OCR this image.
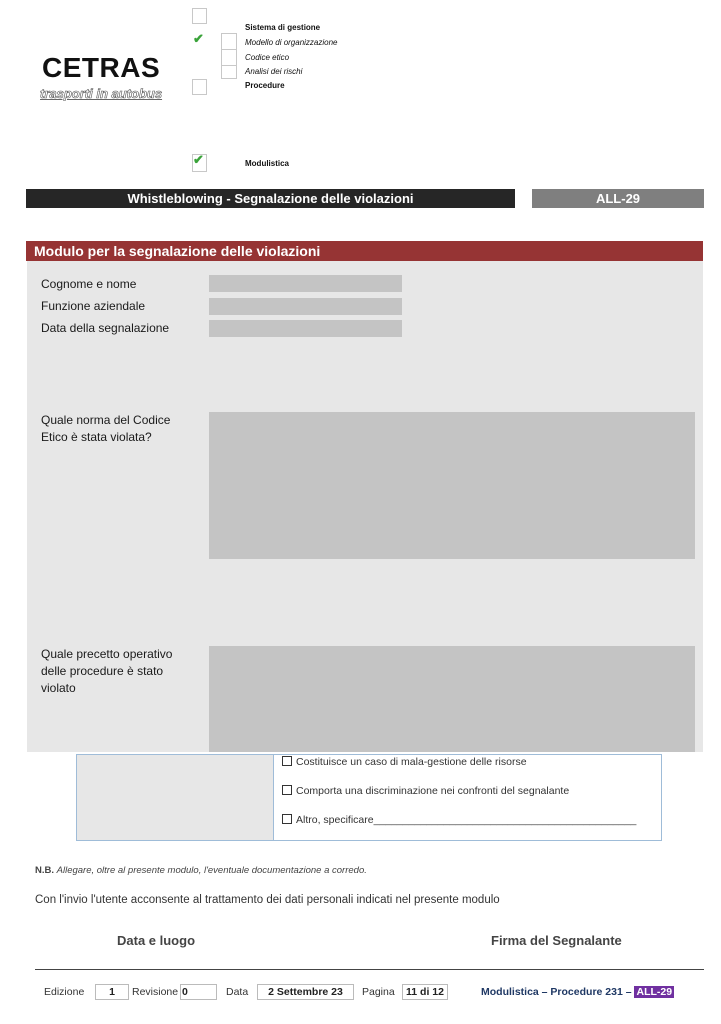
CETRAS
trasporti in autobus
✔
✔
Sistema di gestione
Modello di organizzazione
Codice etico
Analisi dei rischi
Procedure
Modulistica
Whistleblowing - Segnalazione delle violazioni	ALL-29
Modulo per la segnalazione delle violazioni
Cognome e nome
Funzione aziendale
Data della segnalazione
Quale norma del Codice
Etico è stata violata?
Quale precetto operativo
delle procedure è stato
violato
Costituisce un caso di mala-gestione delle risorse
Comporta una discriminazione nei confronti del segnalante
Altro, specificare_____________________________________________
N.B. Allegare, oltre al presente modulo, l'eventuale documentazione a corredo.
Con l'invio l'utente acconsente al trattamento dei dati personali indicati nel presente modulo
Data e luogo	Firma del Segnalante
Edizione	1	Revisione 0	Data	2 Settembre 23	Pagina	11 di 12	Modulistica – Procedure 231 – ALL-29
